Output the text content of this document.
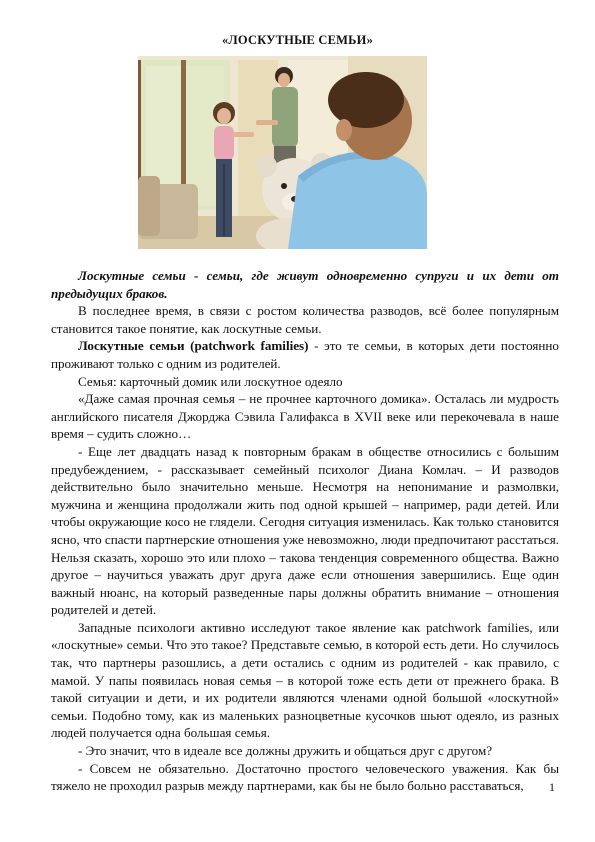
«ЛОСКУТНЫЕ СЕМЬИ»

Лоскутные семьи - семьи, где живут одновременно супруги и их дети от предыдущих браков.

В последнее время, в связи с ростом количества разводов, всё более популярным становится такое понятие, как лоскутные семьи.

Лоскутные семьи (patchwork families) - это те семьи, в которых дети постоянно проживают только с одним из родителей.

Семья: карточный домик или лоскутное одеяло

«Даже самая прочная семья – не прочнее карточного домика». Осталась ли мудрость английского писателя Джорджа Сэвила Галифакса в XVII веке или перекочевала в наше время – судить сложно…

- Еще лет двадцать назад к повторным бракам в обществе относились с большим предубеждением, - рассказывает семейный психолог Диана Комлач. – И разводов действительно было значительно меньше. Несмотря на непонимание и размолвки, мужчина и женщина продолжали жить под одной крышей – например, ради детей. Или чтобы окружающие косо не глядели. Сегодня ситуация изменилась. Как только становится ясно, что спасти партнерские отношения уже невозможно, люди предпочитают расстаться. Нельзя сказать, хорошо это или плохо – такова тенденция современного общества. Важно другое – научиться уважать друг друга даже если отношения завершились. Еще один важный нюанс, на который разведенные пары должны обратить внимание – отношения родителей и детей.

Западные психологи активно исследуют такое явление как patchwork families, или «лоскутные» семьи. Что это такое? Представьте семью, в которой есть дети. Но случилось так, что партнеры разошлись, а дети остались с одним из родителей - как правило, с мамой. У папы появилась новая семья – в которой тоже есть дети от прежнего брака. В такой ситуации и дети, и их родители являются членами одной большой «лоскутной» семьи. Подобно тому, как из маленьких разноцветные кусочков шьют одеяло, из разных людей получается одна большая семья.

- Это значит, что в идеале все должны дружить и общаться друг с другом?

- Совсем не обязательно. Достаточно простого человеческого уважения. Как бы тяжело не проходил разрыв между партнерами, как бы не было больно расставаться,	1
